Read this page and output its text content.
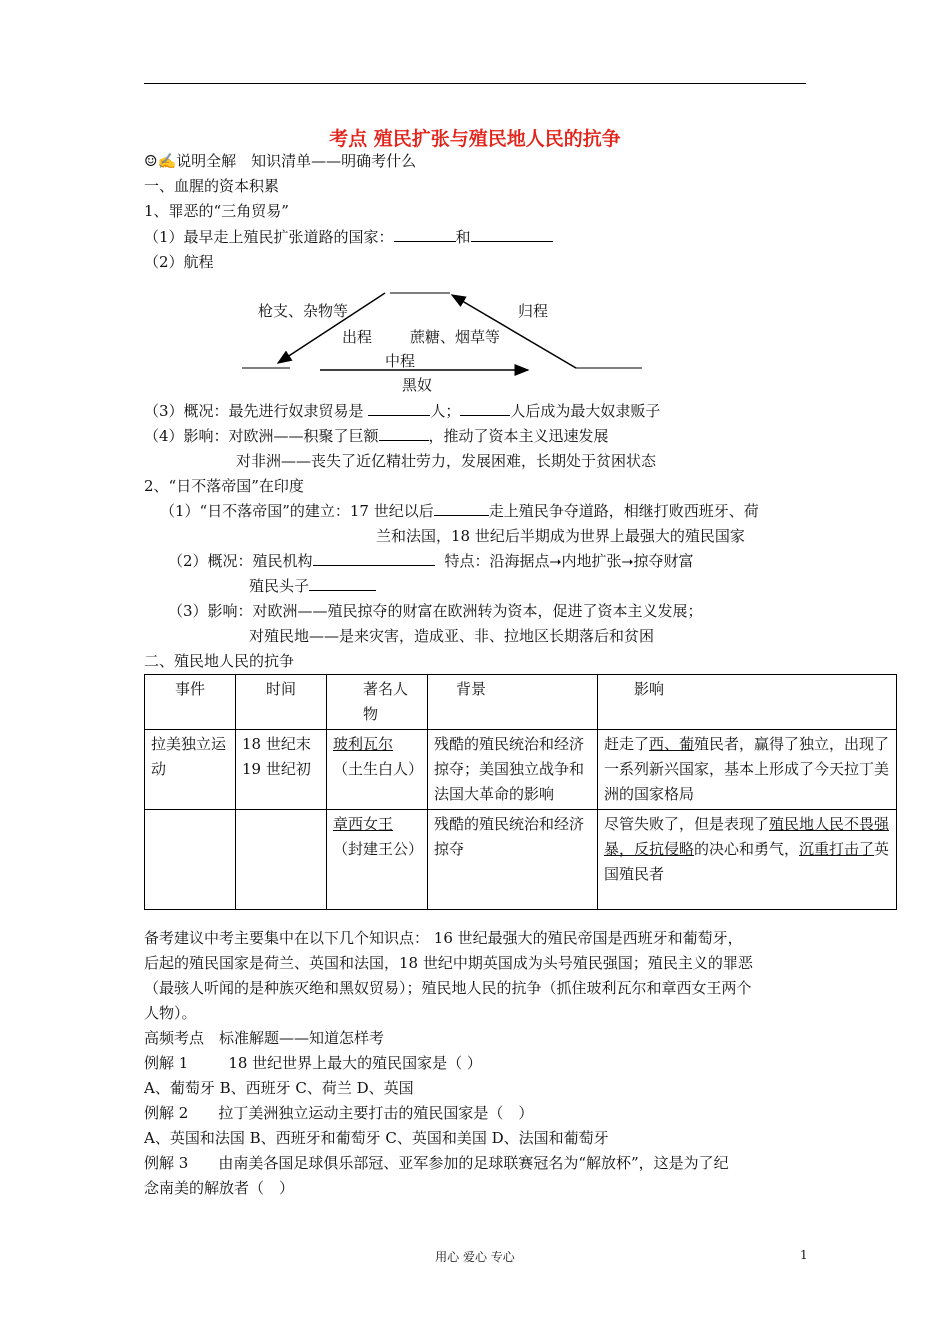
考点 殖民扩张与殖民地人民的抗争
☺✍说明全解　知识清单——明确考什么
一、血腥的资本积累
1、罪恶的“三角贸易”
（1）最早走上殖民扩张道路的国家：	和
（2）航程
枪支、杂物等	归程
出程	蔗糖、烟草等
中程
黑奴
（3）概况：最先进行奴隶贸易是	人；	人后成为最大奴隶贩子
（4）影响：对欧洲——积聚了巨额	，推动了资本主义迅速发展
对非洲——丧失了近亿精壮劳力，发展困难，长期处于贫困状态
2、“日不落帝国”在印度
（1）“日不落帝国”的建立：17 世纪以后	走上殖民争夺道路，相继打败西班牙、荷
兰和法国，18 世纪后半期成为世界上最强大的殖民国家
（2）概况：殖民机构	特点：沿海据点⭢内地扩张⭢掠夺财富
殖民头子
（3）影响：对欧洲——殖民掠夺的财富在欧洲转为资本，促进了资本主义发展；
对殖民地——是来灾害，造成亚、非、拉地区长期落后和贫困
二、殖民地人民的抗争
事件	时间	著名人物	背景	影响
拉美独立运动	18 世纪末 19 世纪初	玻利瓦尔（土生白人）	残酷的殖民统治和经济掠夺；美国独立战争和法国大革命的影响	赶走了西、葡殖民者，赢得了独立，出现了一系列新兴国家，基本上形成了今天拉丁美洲的国家格局
		章西女王（封建王公）	残酷的殖民统治和经济掠夺	尽管失败了，但是表现了殖民地人民不畏强暴，反抗侵略的决心和勇气，沉重打击了英国殖民者
备考建议中考主要集中在以下几个知识点： 16 世纪最强大的殖民帝国是西班牙和葡萄牙，
后起的殖民国家是荷兰、英国和法国，18 世纪中期英国成为头号殖民强国；殖民主义的罪恶
（最骇人听闻的是种族灭绝和黑奴贸易）；殖民地人民的抗争（抓住玻利瓦尔和章西女王两个
人物）。
高频考点　标准解题——知道怎样考
例解 1	18 世纪世界上最大的殖民国家是（ ）
A、葡萄牙 B、西班牙 C、荷兰 D、英国
例解 2 拉丁美洲独立运动主要打击的殖民国家是（　）
A、英国和法国 B、西班牙和葡萄牙 C、英国和美国 D、法国和葡萄牙
例解 3 由南美各国足球俱乐部冠、亚军参加的足球联赛冠名为“解放杯”，这是为了纪
念南美的解放者（　）
用心 爱心 专心	1
